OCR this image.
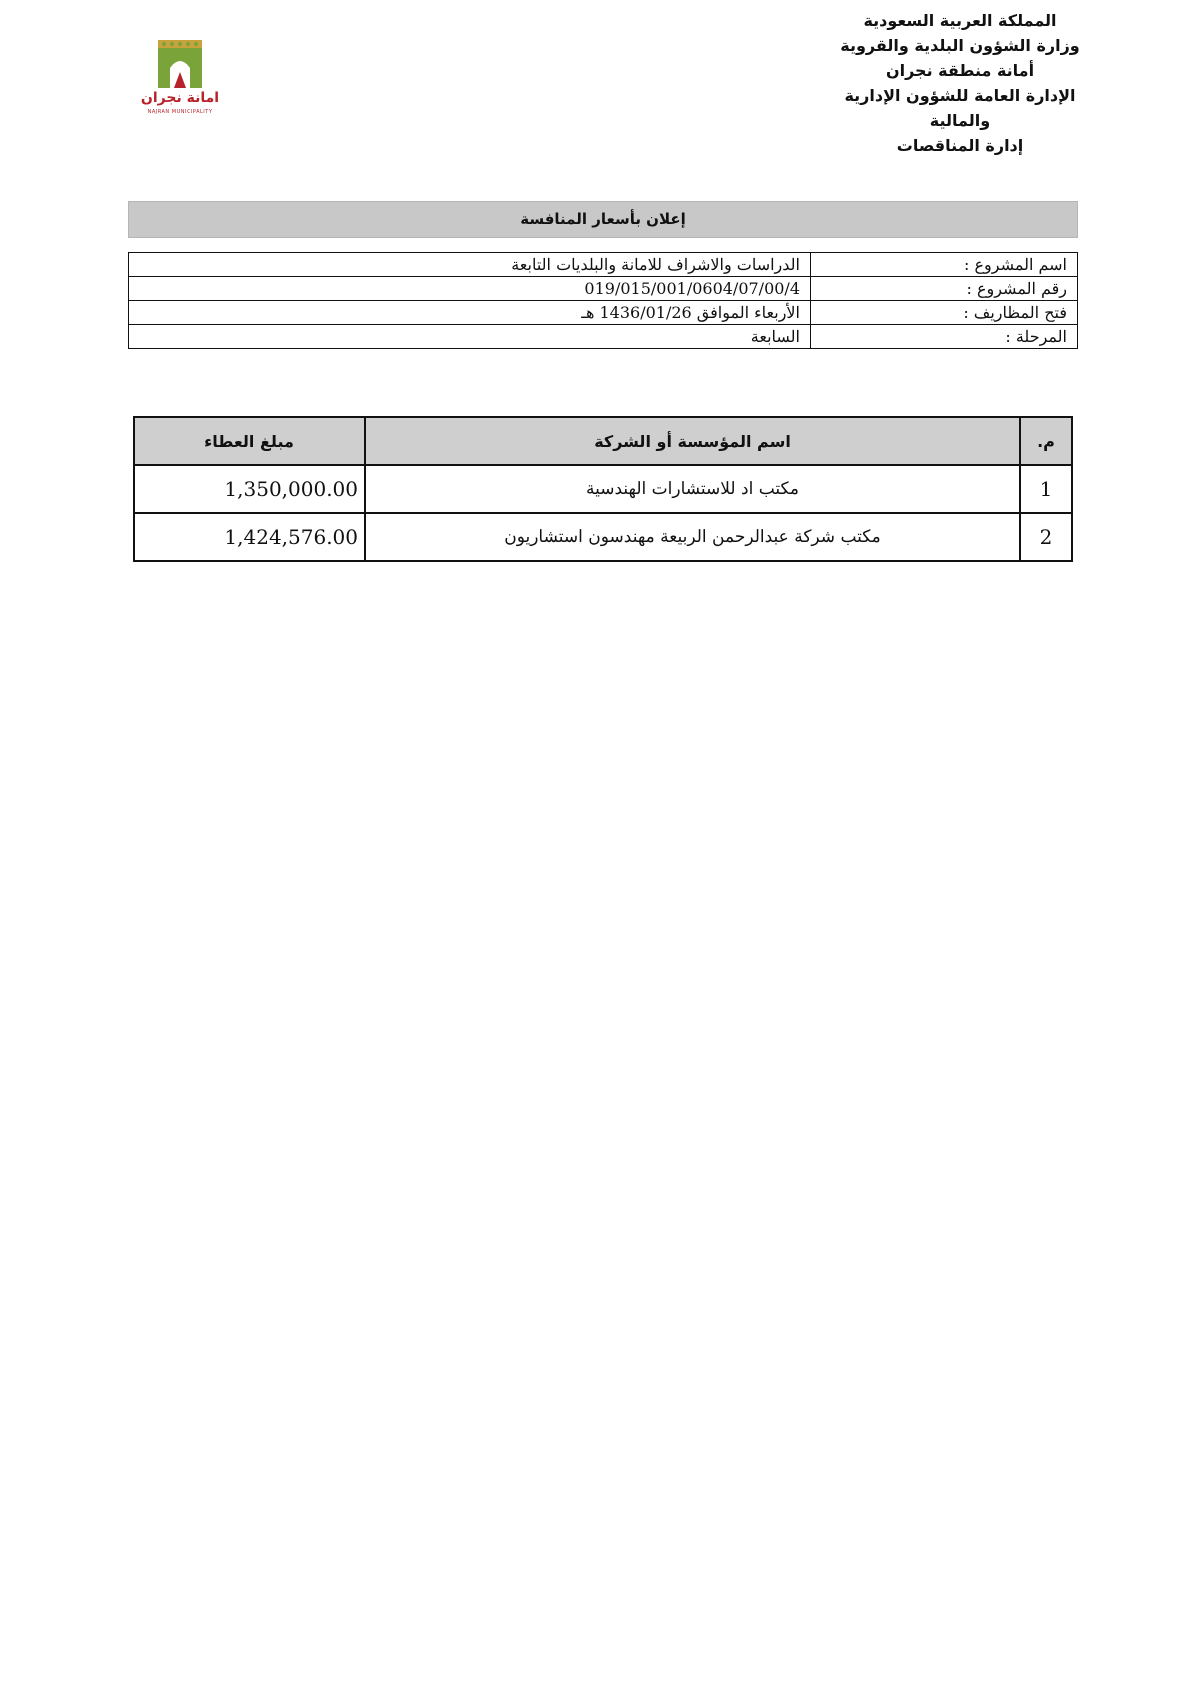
المملكة العربية السعودية
وزارة الشؤون البلدية والقروية
أمانة منطقة نجران
الإدارة العامة للشؤون الإدارية
والمالية
إدارة المناقصات
امانة نجران
NAJRAN MUNICIPALITY
إعلان بأسعار المنافسة
اسم المشروع :	الدراسات والاشراف للامانة والبلديات التابعة
رقم المشروع :	019/015/001/0604/07/00/4
فتح المظاريف :	الأربعاء الموافق 1436/01/26 هـ
المرحلة :	السابعة
م.	اسم المؤسسة أو الشركة	مبلغ العطاء
1	مكتب اد للاستشارات الهندسية	1,350,000.00
2	مكتب شركة عبدالرحمن الربيعة مهندسون استشاريون	1,424,576.00
